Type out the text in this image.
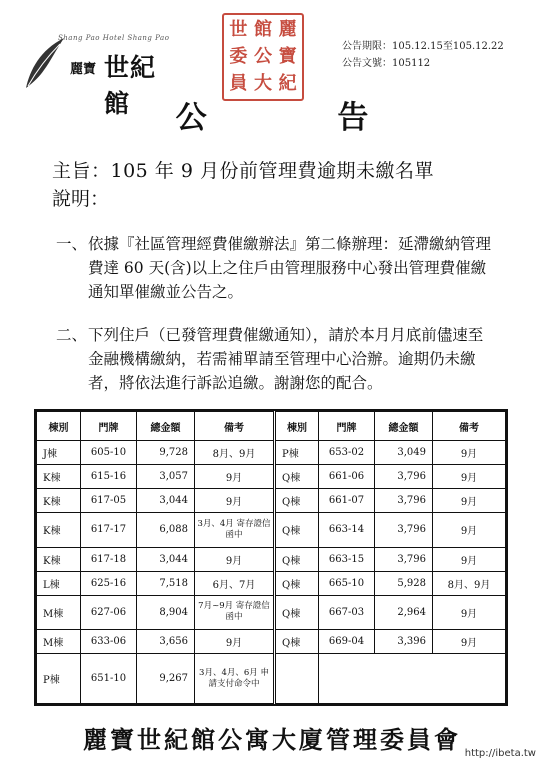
Shang Pao Hotel Shang Pao
麗寶 世紀館
世 館 麗
委 公 寶
員 大 紀
公告期限：105.12.15至105.12.22
公告文號：105112
公 告
主旨：105 年 9 月份前管理費逾期未繳名單
說明：
一、 依據『社區管理經費催繳辦法』第二條辦理：延滯繳納管理費達 60 天(含)以上之住戶由管理服務中心發出管理費催繳通知單催繳並公告之。
二、 下列住戶（已發管理費催繳通知），請於本月月底前儘速至金融機構繳納，若需補單請至管理中心洽辦。逾期仍未繳者，將依法進行訴訟追繳。謝謝您的配合。
棟別	門牌	總金額	備考	棟別	門牌	總金額	備考
J棟	605-10	9,728	8月、9月	P棟	653-02	3,049	9月
K棟	615-16	3,057	9月	Q棟	661-06	3,796	9月
K棟	617-05	3,044	9月	Q棟	661-07	3,796	9月
K棟	617-17	6,088	3月、4月 寄存證信函中	Q棟	663-14	3,796	9月
K棟	617-18	3,044	9月	Q棟	663-15	3,796	9月
L棟	625-16	7,518	6月、7月	Q棟	665-10	5,928	8月、9月
M棟	627-06	8,904	7月~9月 寄存證信函中	Q棟	667-03	2,964	9月
M棟	633-06	3,656	9月	Q棟	669-04	3,396	9月
P棟	651-10	9,267	3月、4月、6月 申請支付命令中				
麗寶世紀館公寓大廈管理委員會 http://ibeta.tw
